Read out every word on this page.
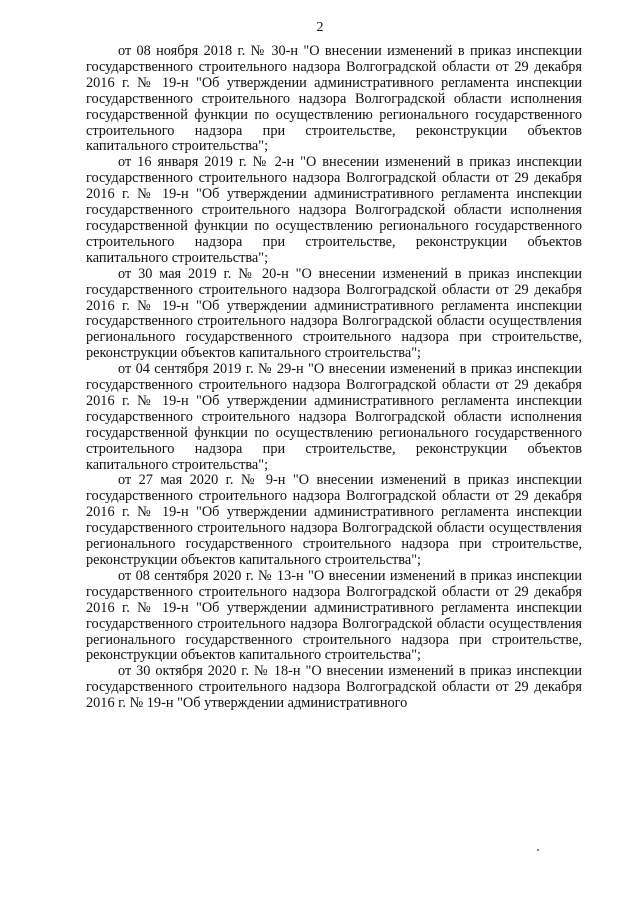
2

от 08 ноября 2018 г. № 30-н "О внесении изменений в приказ инспекции государственного строительного надзора Волгоградской области от 29 декабря 2016 г. № 19-н "Об утверждении административного регламента инспекции государственного строительного надзора Волгоградской области исполнения государственной функции по осуществлению регионального государственного строительного надзора при строительстве, реконструкции объектов капитального строительства";

от 16 января 2019 г. № 2-н "О внесении изменений в приказ инспекции государственного строительного надзора Волгоградской области от 29 декабря 2016 г. № 19-н "Об утверждении административного регламента инспекции государственного строительного надзора Волгоградской области исполнения государственной функции по осуществлению регионального государственного строительного надзора при строительстве, реконструкции объектов капитального строительства";

от 30 мая 2019 г. № 20-н "О внесении изменений в приказ инспекции государственного строительного надзора Волгоградской области от 29 декабря 2016 г. № 19-н "Об утверждении административного регламента инспекции государственного строительного надзора Волгоградской области осуществления регионального государственного строительного надзора при строительстве, реконструкции объектов капитального строительства";

от 04 сентября 2019 г. № 29-н "О внесении изменений в приказ инспекции государственного строительного надзора Волгоградской области от 29 декабря 2016 г. № 19-н "Об утверждении административного регламента инспекции государственного строительного надзора Волгоградской области исполнения государственной функции по осуществлению регионального государственного строительного надзора при строительстве, реконструкции объектов капитального строительства";

от 27 мая 2020 г. № 9-н "О внесении изменений в приказ инспекции государственного строительного надзора Волгоградской области от 29 декабря 2016 г. № 19-н "Об утверждении административного регламента инспекции государственного строительного надзора Волгоградской области осуществления регионального государственного строительного надзора при строительстве, реконструкции объектов капитального строительства";

от 08 сентября 2020 г. № 13-н "О внесении изменений в приказ инспекции государственного строительного надзора Волгоградской области от 29 декабря 2016 г. № 19-н "Об утверждении административного регламента инспекции государственного строительного надзора Волгоградской области осуществления регионального государственного строительного надзора при строительстве, реконструкции объектов капитального строительства";

от 30 октября 2020 г. № 18-н "О внесении изменений в приказ инспекции государственного строительного надзора Волгоградской области от 29 декабря 2016 г. № 19-н "Об утверждении административного
